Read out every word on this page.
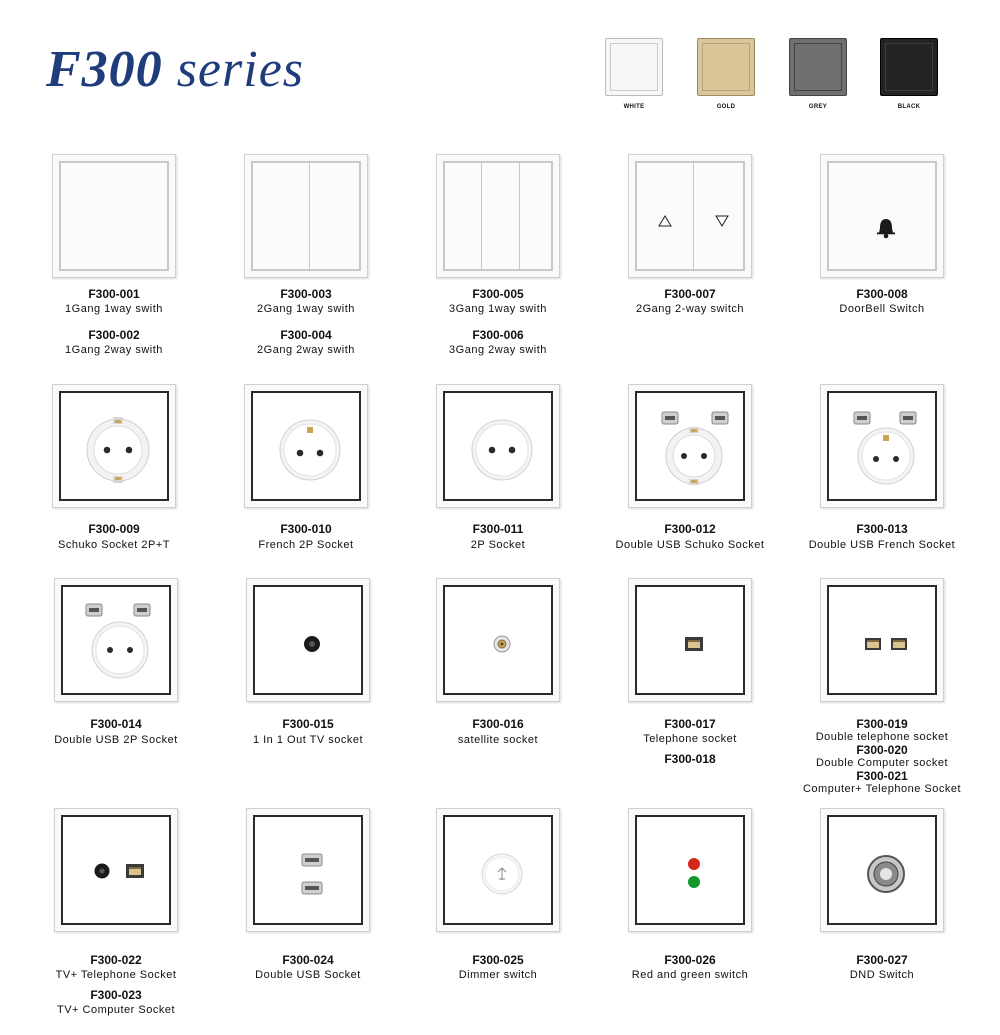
F300 series
WHITE	GOLD	GREY	BLACK
F300-001
1Gang 1way swith
F300-002
1Gang 2way swith
F300-003
2Gang 1way swith
F300-004
2Gang 2way swith
F300-005
3Gang 1way swith
F300-006
3Gang 2way swith
F300-007
2Gang 2-way switch
F300-008
DoorBell Switch
F300-009
Schuko Socket 2P+T
F300-010
French 2P Socket
F300-011
2P Socket
F300-012
Double USB Schuko Socket
F300-013
Double USB French Socket
F300-014
Double USB 2P Socket
F300-015
1 In 1 Out TV socket
F300-016
satellite socket
F300-017
Telephone socket
F300-018
F300-019
Double telephone socket
F300-020
Double Computer socket
F300-021
Computer+ Telephone Socket
F300-022
TV+ Telephone Socket
F300-023
TV+ Computer Socket
F300-024
Double USB Socket
F300-025
Dimmer switch
F300-026
Red and green switch
F300-027
DND Switch
